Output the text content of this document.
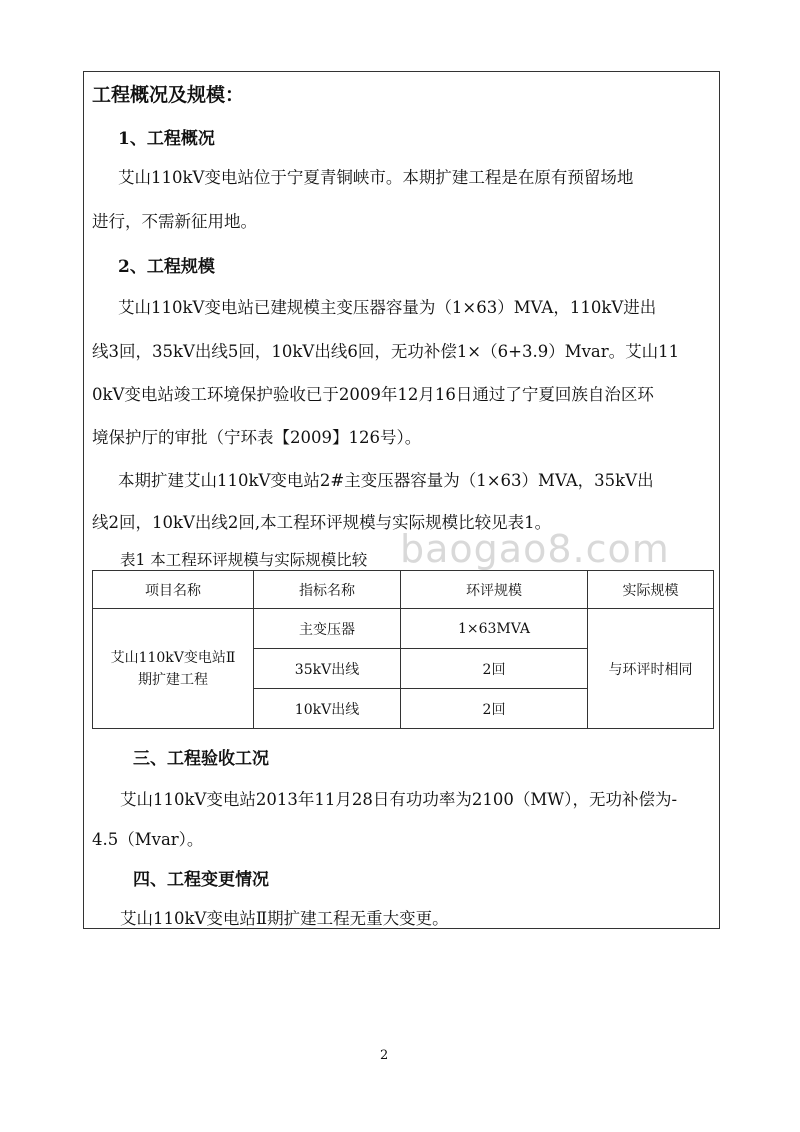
baogao8.com
工程概况及规模：
1、工程概况
艾山110kV变电站位于宁夏青铜峡市。本期扩建工程是在原有预留场地
进行，不需新征用地。
2、工程规模
艾山110kV变电站已建规模主变压器容量为（1×63）MVA，110kV进出
线3回，35kV出线5回，10kV出线6回，无功补偿1×（6+3.9）Mvar。艾山11
0kV变电站竣工环境保护验收已于2009年12月16日通过了宁夏回族自治区环
境保护厅的审批（宁环表【2009】126号）。
本期扩建艾山110kV变电站2#主变压器容量为（1×63）MVA，35kV出
线2回，10kV出线2回,本工程环评规模与实际规模比较见表1。
表1 本工程环评规模与实际规模比较
项目名称	指标名称	环评规模	实际规模
艾山110kV变电站Ⅱ期扩建工程	主变压器	1×63MVA	与环评时相同
	35kV出线	2回	
	10kV出线	2回	
三、工程验收工况
艾山110kV变电站2013年11月28日有功功率为2100（MW），无功补偿为-
4.5（Mvar）。
四、工程变更情况
艾山110kV变电站Ⅱ期扩建工程无重大变更。
2
